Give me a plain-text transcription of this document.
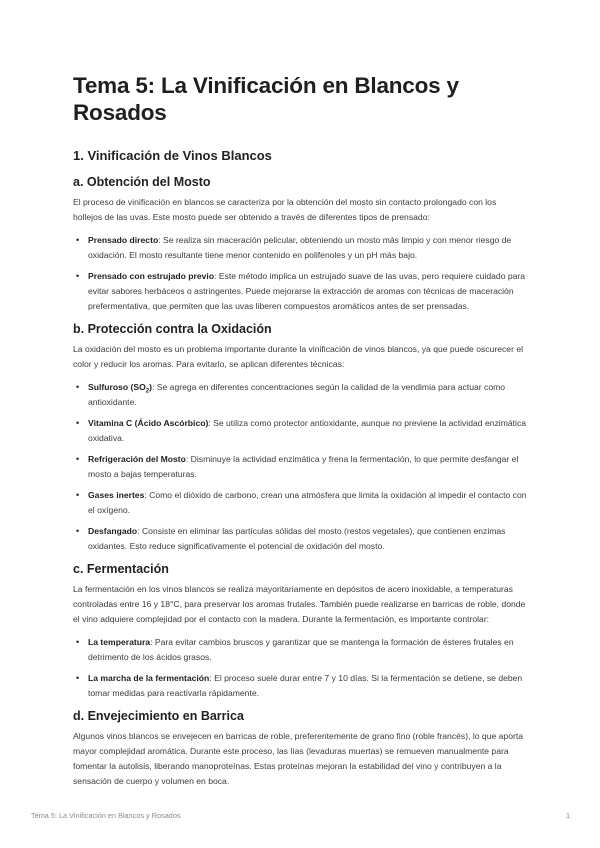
Tema 5: La Vinificación en Blancos y Rosados
1. Vinificación de Vinos Blancos
a. Obtención del Mosto

El proceso de vinificación en blancos se caracteriza por la obtención del mosto sin contacto prolongado con los hollejos de las uvas. Este mosto puede ser obtenido a través de diferentes tipos de prensado:

• Prensado directo: Se realiza sin maceración pelicular, obteniendo un mosto más limpio y con menor riesgo de oxidación. El mosto resultante tiene menor contenido en polifenoles y un pH más bajo.
• Prensado con estrujado previo: Este método implica un estrujado suave de las uvas, pero requiere cuidado para evitar sabores herbáceos o astringentes. Puede mejorarse la extracción de aromas con técnicas de maceración prefermentativa, que permiten que las uvas liberen compuestos aromáticos antes de ser prensadas.
b. Protección contra la Oxidación

La oxidación del mosto es un problema importante durante la vinificación de vinos blancos, ya que puede oscurecer el color y reducir los aromas. Para evitarlo, se aplican diferentes técnicas:

• Sulfuroso $(SO_2)$: Se agrega en diferentes concentraciones según la calidad de la vendimia para actuar como antioxidante.
• Vitamina C (Ácido Ascórbico): Se utiliza como protector antioxidante, aunque no previene la actividad enzimática oxidativa.
• Refrigeración del Mosto: Disminuye la actividad enzimática y frena la fermentación, lo que permite desfangar el mosto a bajas temperaturas.
• Gases inertes: Como el dióxido de carbono, crean una atmósfera que limita la oxidación al impedir el contacto con el oxígeno.
• Desfangado: Consiste en eliminar las partículas sólidas del mosto (restos vegetales), que contienen enzimas oxidantes. Esto reduce significativamente el potencial de oxidación del mosto.
c. Fermentación

La fermentación en los vinos blancos se realiza mayoritariamente en depósitos de acero inoxidable, a temperaturas controladas entre 16 y 18°C, para preservar los aromas frutales. También puede realizarse en barricas de roble, donde el vino adquiere complejidad por el contacto con la madera. Durante la fermentación, es importante controlar:

• La temperatura: Para evitar cambios bruscos y garantizar que se mantenga la formación de ésteres frutales en detrimento de los ácidos grasos.
• La marcha de la fermentación: El proceso suele durar entre 7 y 10 días. Si la fermentación se detiene, se deben tomar medidas para reactivarla rápidamente.
d. Envejecimiento en Barrica

Algunos vinos blancos se envejecen en barricas de roble, preferentemente de grano fino (roble francés), lo que aporta mayor complejidad aromática. Durante este proceso, las lías (levaduras muertas) se remueven manualmente para fomentar la autolisis, liberando manoproteínas. Estas proteínas mejoran la estabilidad del vino y contribuyen a la sensación de cuerpo y volumen en boca.

Tema 5: La Vinificación en Blancos y Rosados	1
